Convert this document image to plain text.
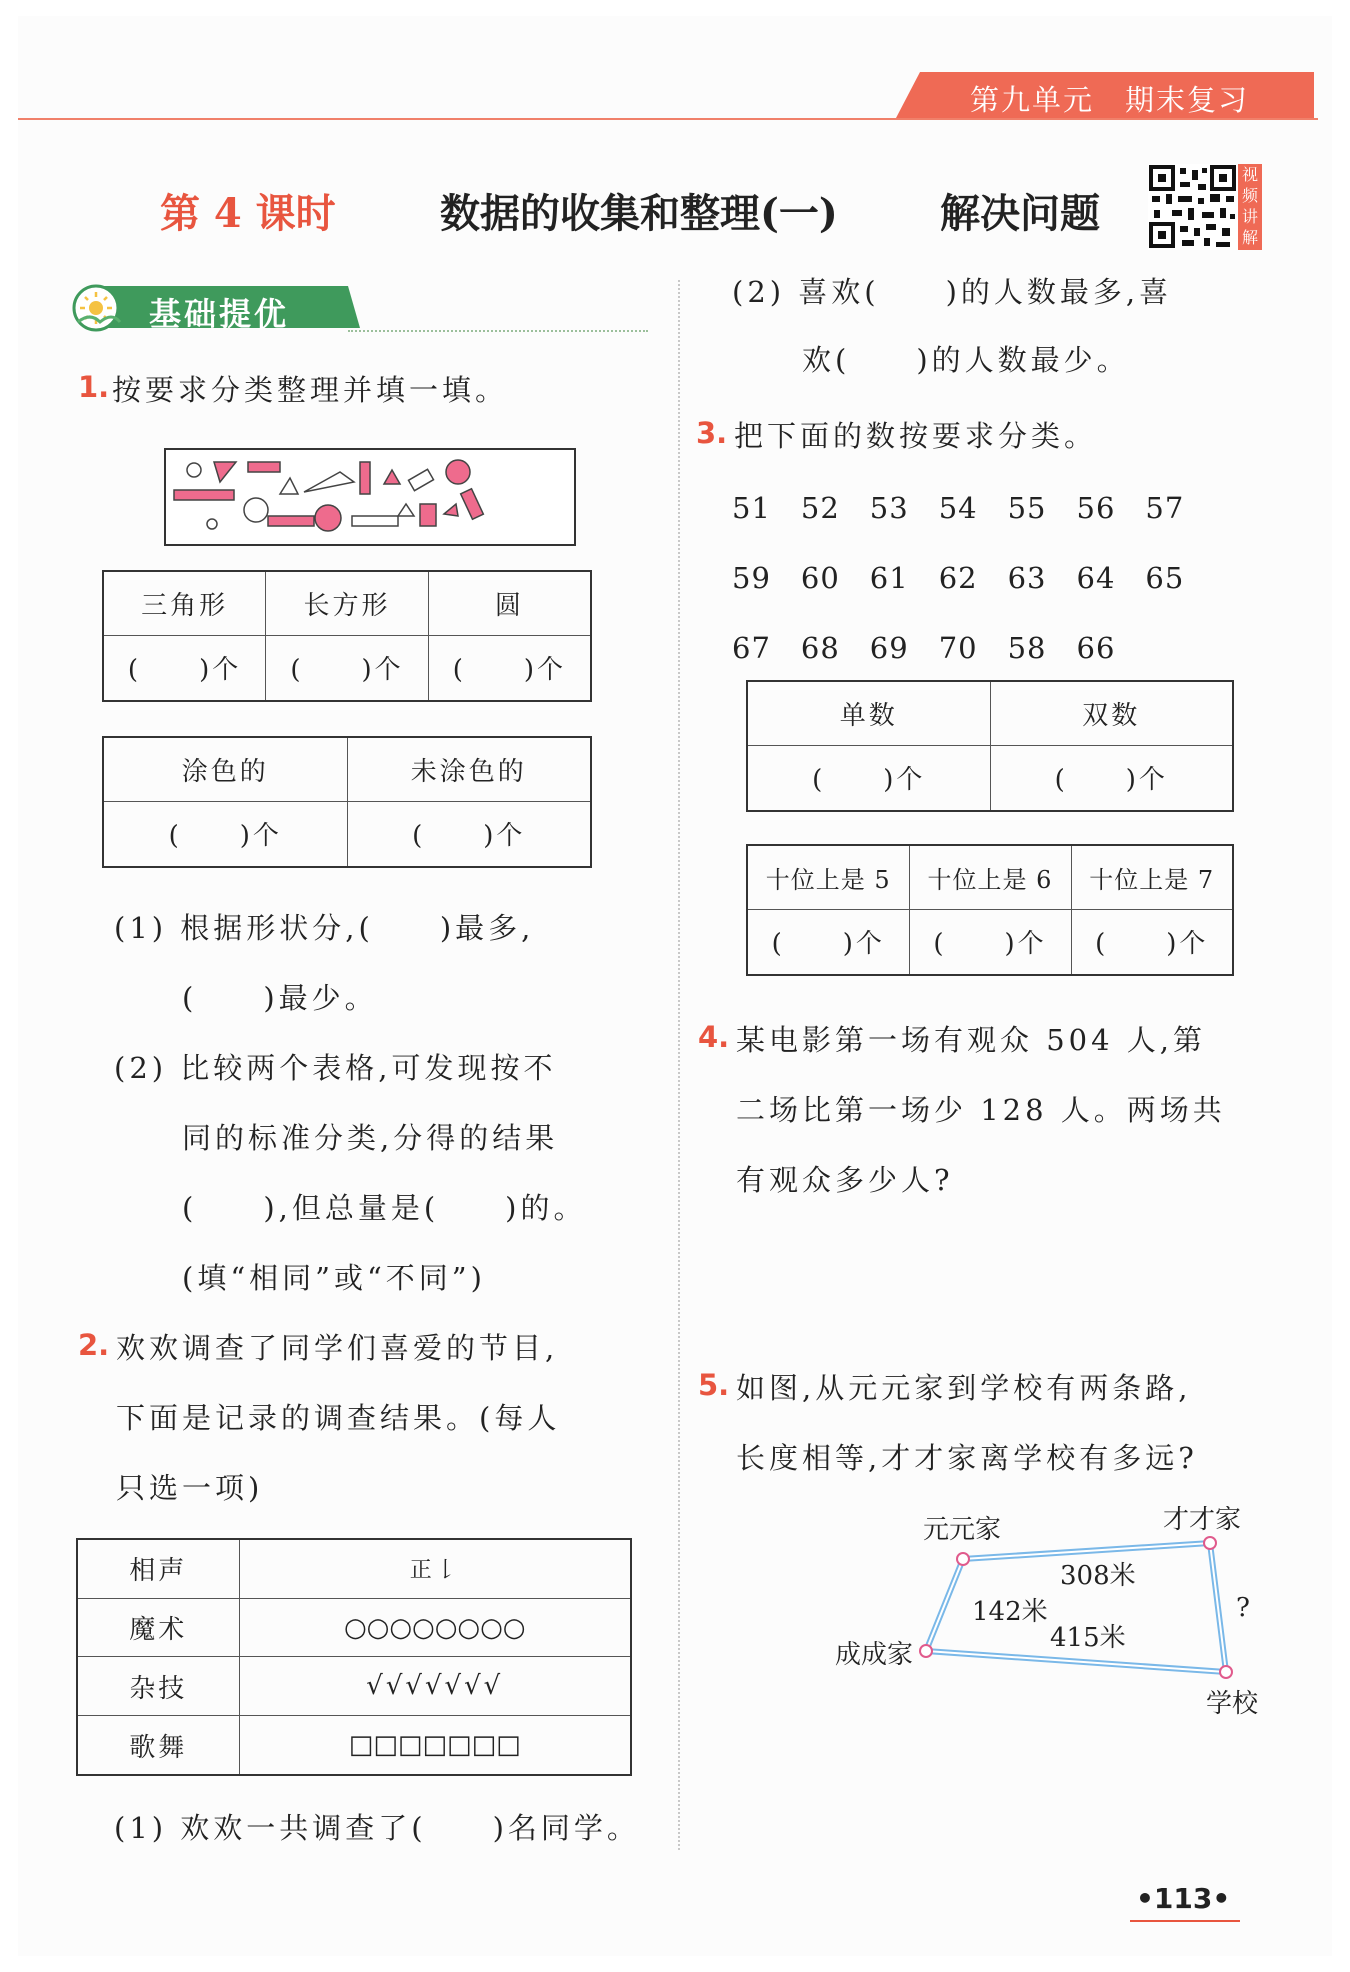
第九单元　期末复习
第 4 课时	数据的收集和整理(一)	解决问题
视频讲解
基础提优
1. 按要求分类整理并填一填。
三角形	长方形	圆
(　　)个	(　　)个	(　　)个
涂色的	未涂色的
(　　)个	(　　)个
(1) 根据形状分,(　　)最多,
(　　)最少。
(2) 比较两个表格,可发现按不
同的标准分类,分得的结果
(　　),但总量是(　　)的。
(填“相同”或“不同”)
2. 欢欢调查了同学们喜爱的节目,
下面是记录的调查结果。(每人
只选一项)
相声	正𠄌
魔术	○○○○○○○○
杂技	√√√√√√√
歌舞	□□□□□□□
(1) 欢欢一共调查了(　　)名同学。
(2) 喜欢(　　)的人数最多,喜
欢(　　)的人数最少。
3. 把下面的数按要求分类。
51　52　53　54　55　56　57
59　60　61　62　63　64　65
67　68　69　70　58　66
单数	双数
(　　)个	(　　)个
十位上是 5	十位上是 6	十位上是 7
(　　)个	(　　)个	(　　)个
4. 某电影第一场有观众 504 人,第
二场比第一场少 128 人。两场共
有观众多少人?
5. 如图,从元元家到学校有两条路,
长度相等,才才家离学校有多远?
元元家	才才家
成成家
学校
308米
142米
415米
?
•113•
